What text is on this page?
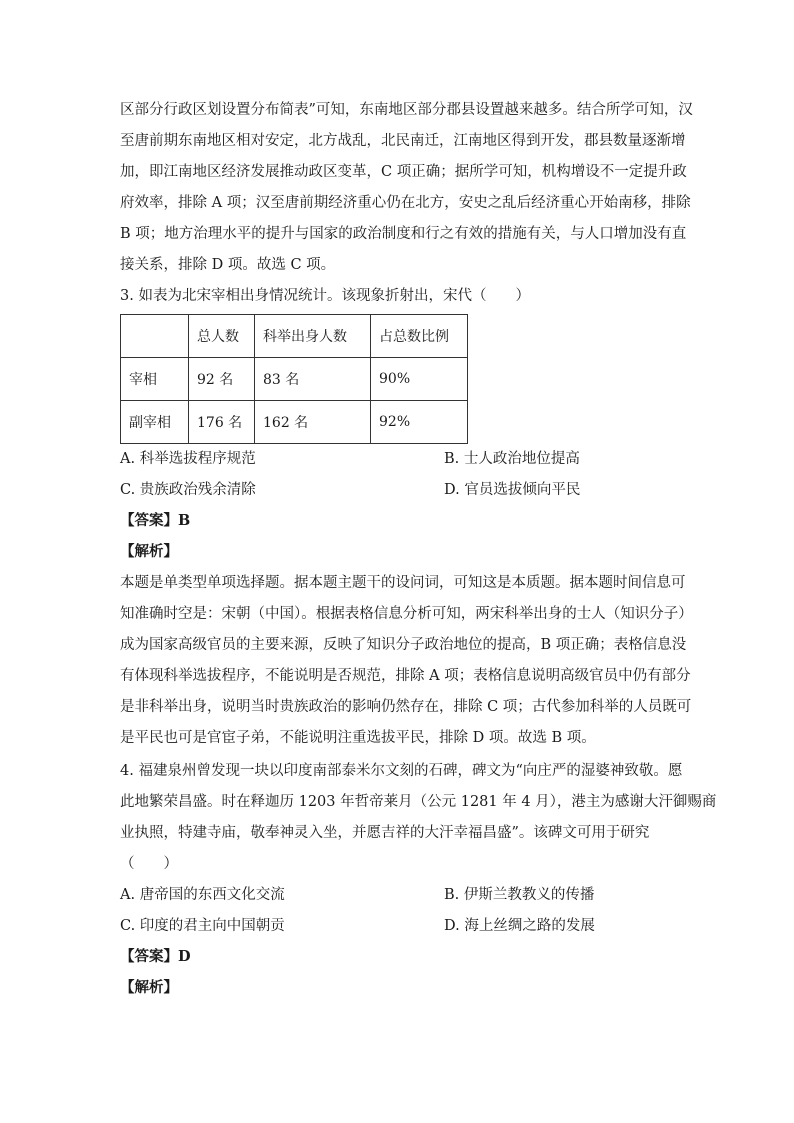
区部分行政区划设置分布简表”可知，东南地区部分郡县设置越来越多。结合所学可知，汉
至唐前期东南地区相对安定，北方战乱，北民南迁，江南地区得到开发，郡县数量逐渐增
加，即江南地区经济发展推动政区变革，C 项正确；据所学可知，机构增设不一定提升政
府效率，排除 A 项；汉至唐前期经济重心仍在北方，安史之乱后经济重心开始南移，排除
B 项；地方治理水平的提升与国家的政治制度和行之有效的措施有关，与人口增加没有直
接关系，排除 D 项。故选 C 项。
3. 如表为北宋宰相出身情况统计。该现象折射出，宋代（　　）
	总人数	科举出身人数	占总数比例
宰相	92 名	83 名	90%
副宰相	176 名	162 名	92%
A. 科举选拔程序规范	B. 士人政治地位提高
C. 贵族政治残余清除	D. 官员选拔倾向平民
【答案】B
【解析】
本题是单类型单项选择题。据本题主题干的设问词，可知这是本质题。据本题时间信息可
知准确时空是：宋朝（中国）。根据表格信息分析可知，两宋科举出身的士人（知识分子）
成为国家高级官员的主要来源，反映了知识分子政治地位的提高，B 项正确；表格信息没
有体现科举选拔程序，不能说明是否规范，排除 A 项；表格信息说明高级官员中仍有部分
是非科举出身，说明当时贵族政治的影响仍然存在，排除 C 项；古代参加科举的人员既可
是平民也可是官宦子弟，不能说明注重选拔平民，排除 D 项。故选 B 项。
4. 福建泉州曾发现一块以印度南部泰米尔文刻的石碑，碑文为“向庄严的湿婆神致敬。愿
此地繁荣昌盛。时在释迦历 1203 年哲帝莱月（公元 1281 年 4 月），港主为感谢大汗御赐商
业执照，特建寺庙，敬奉神灵入坐，并愿吉祥的大汗幸福昌盛”。该碑文可用于研究
（　　）
A. 唐帝国的东西文化交流	B. 伊斯兰教教义的传播
C. 印度的君主向中国朝贡	D. 海上丝绸之路的发展
【答案】D
【解析】
